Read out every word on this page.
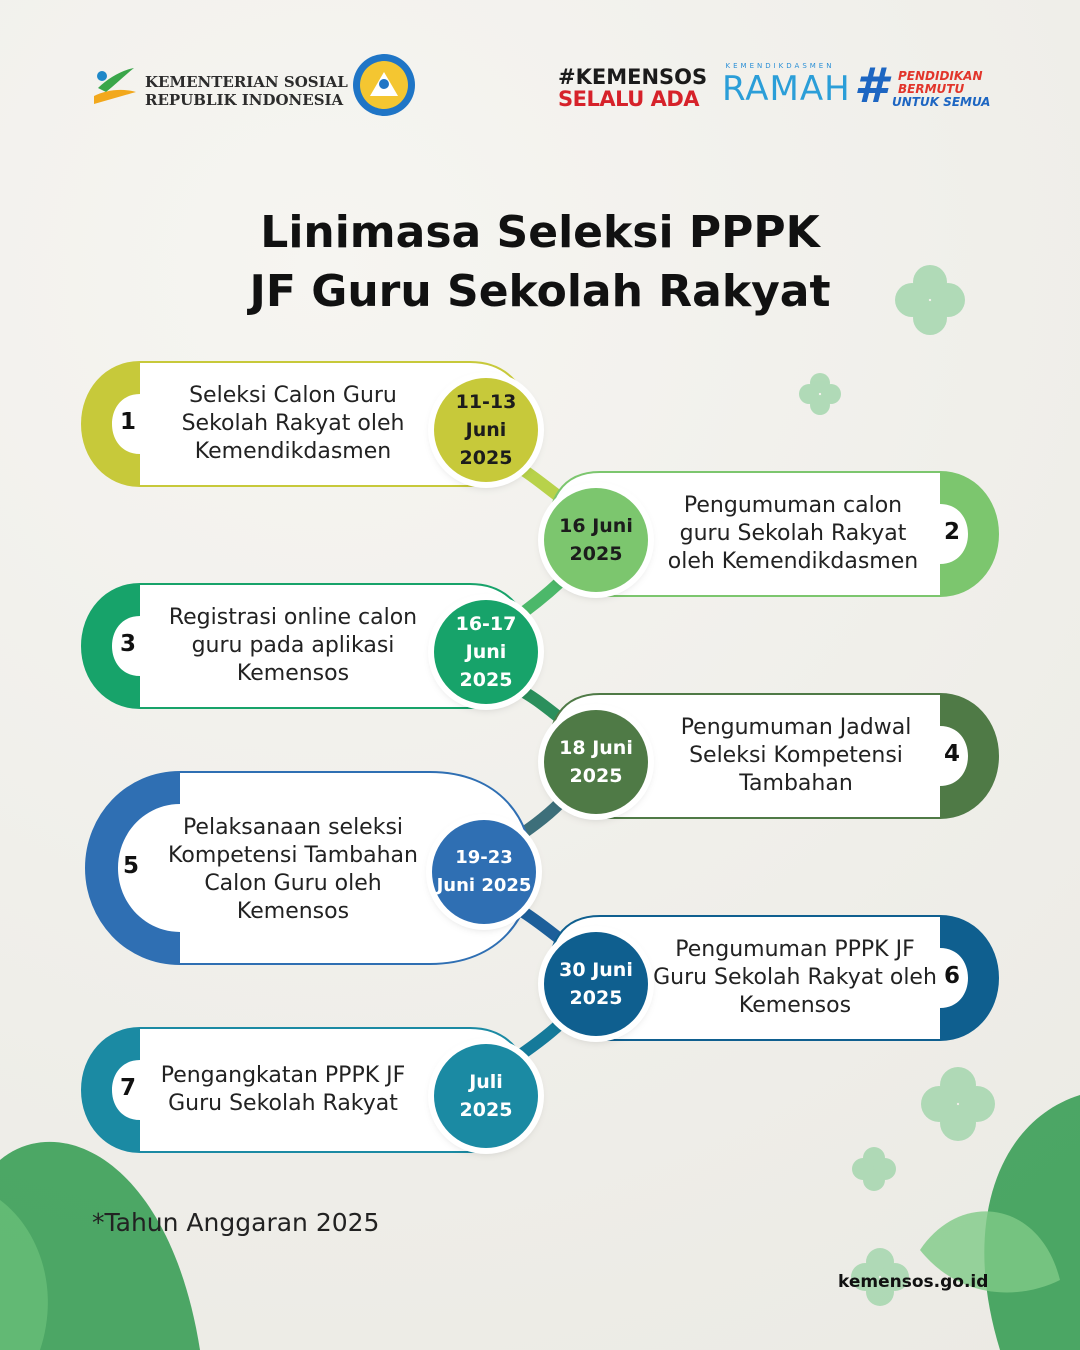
KEMENTERIAN SOSIAL
REPUBLIK INDONESIA
#KEMENSOS
SELALU ADA
KEMENDIKDASMEN
RAMAH # PENDIDIKAN
BERMUTU
UNTUK SEMUA
Linimasa Seleksi PPPK
JF Guru Sekolah Rakyat
1
2
3
4
5
6
7
Seleksi Calon Guru Sekolah Rakyat oleh Kemendikdasmen
Pengumuman calon guru Sekolah Rakyat oleh Kemendikdasmen
Registrasi online calon guru pada aplikasi Kemensos
Pengumuman Jadwal Seleksi Kompetensi Tambahan
Pelaksanaan seleksi Kompetensi Tambahan Calon Guru oleh Kemensos
Pengumuman PPPK JF Guru Sekolah Rakyat oleh Kemensos
Pengangkatan PPPK JF Guru Sekolah Rakyat
11-13 Juni 2025
16 Juni 2025
16-17 Juni 2025
18 Juni 2025
19-23 Juni 2025
30 Juni 2025
Juli 2025
*Tahun Anggaran 2025
kemensos.go.id
